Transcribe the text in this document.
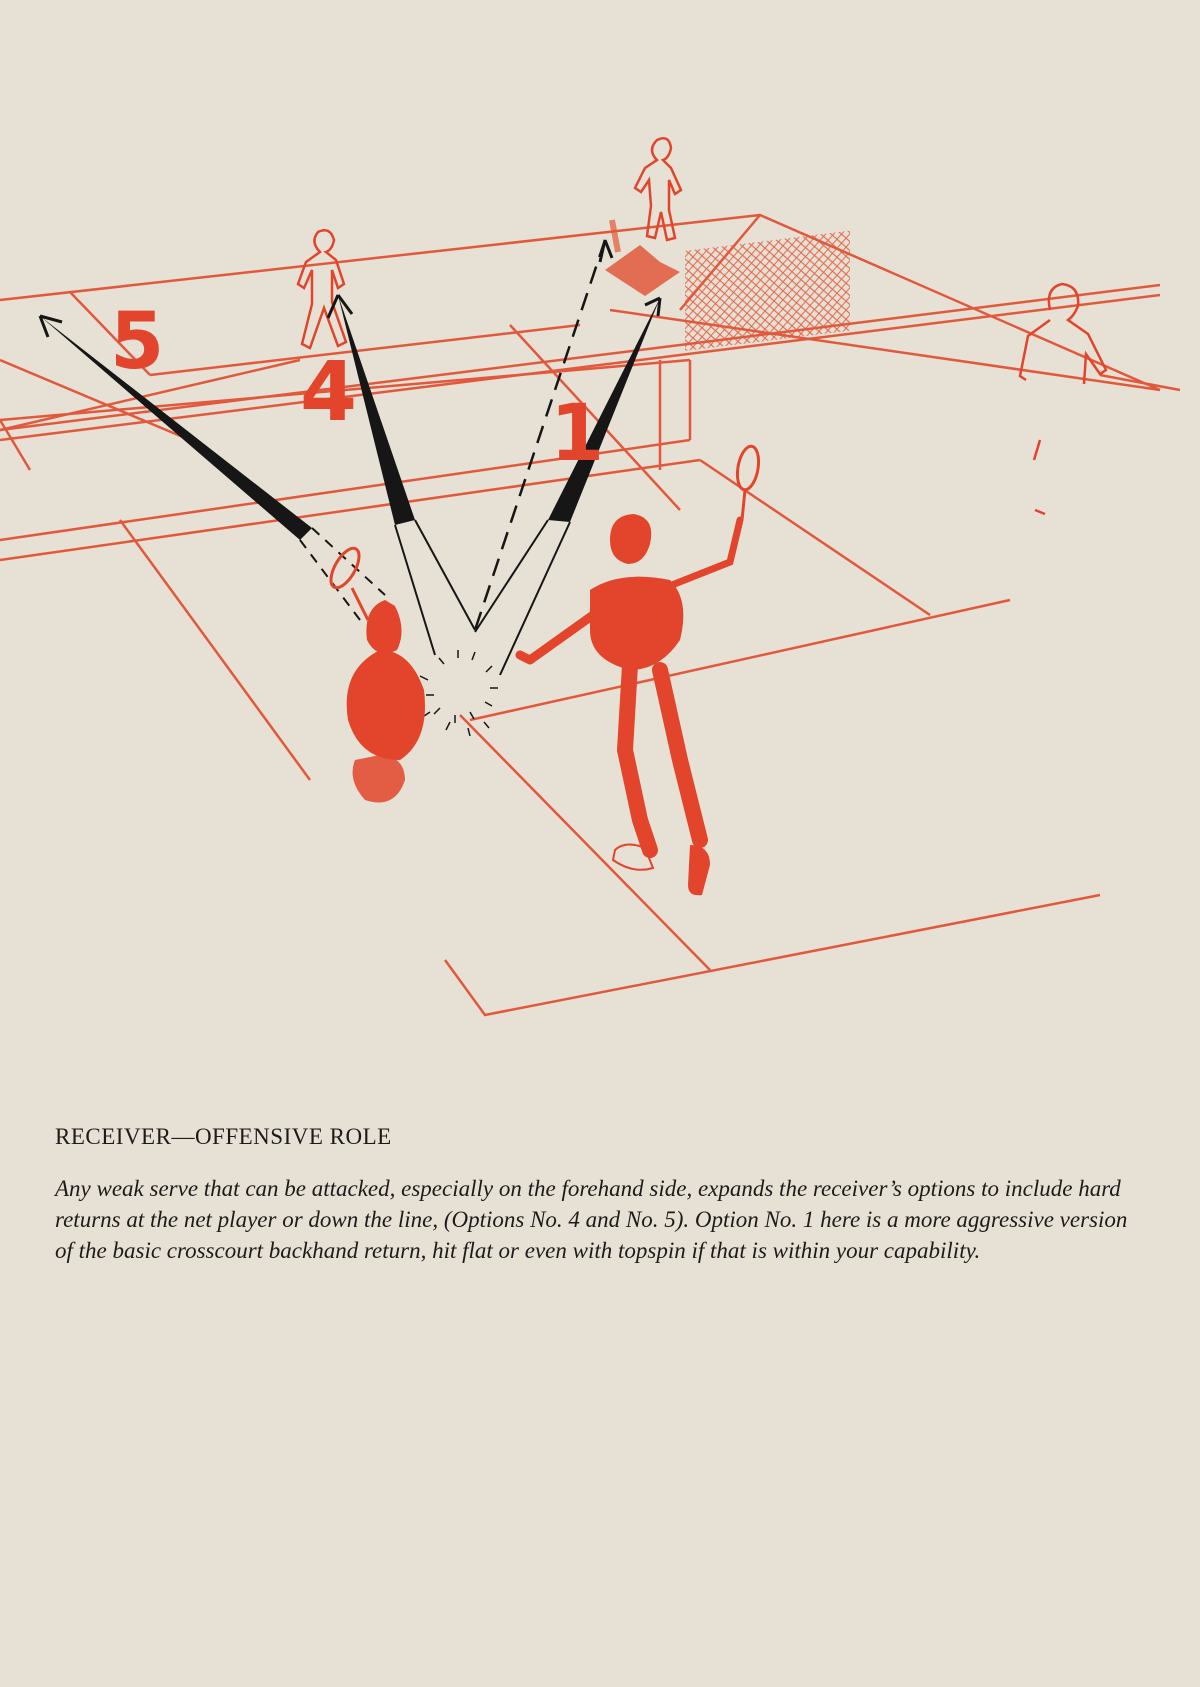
5
4 1
RECEIVER—OFFENSIVE ROLE

Any weak serve that can be attacked, especially on the forehand side, expands the receiver’s options to include hard returns at the net player or down the line, (Options No. 4 and No. 5). Option No. 1 here is a more aggressive version of the basic crosscourt backhand return, hit flat or even with topspin if that is within your capability.
